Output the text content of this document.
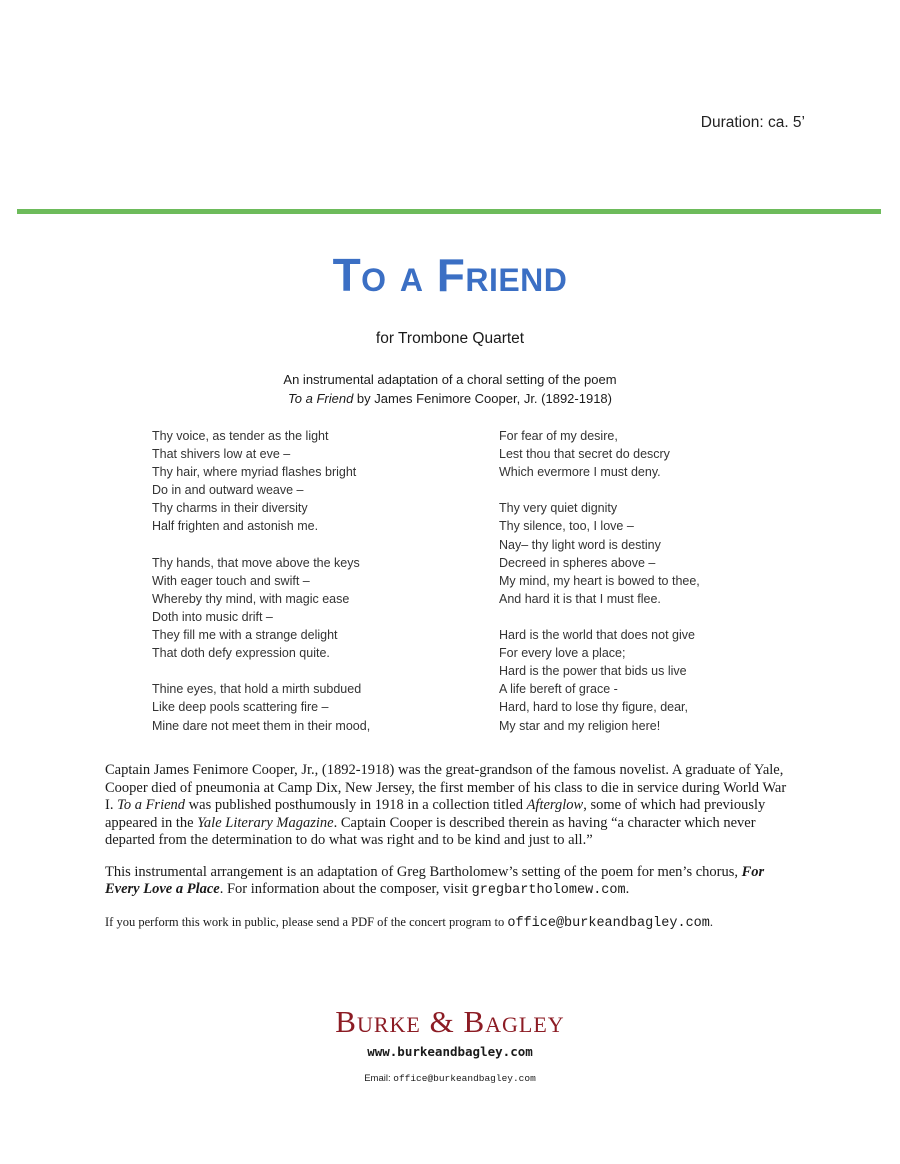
Duration: ca. 5’
To a Friend
for Trombone Quartet
An instrumental adaptation of a choral setting of the poem
To a Friend by James Fenimore Cooper, Jr. (1892-1918)
Thy voice, as tender as the light
That shivers low at eve –
Thy hair, where myriad flashes bright
Do in and outward weave –
Thy charms in their diversity
Half frighten and astonish me.
Thy hands, that move above the keys
With eager touch and swift –
Whereby thy mind, with magic ease
Doth into music drift –
They fill me with a strange delight
That doth defy expression quite.
Thine eyes, that hold a mirth subdued
Like deep pools scattering fire –
Mine dare not meet them in their mood,
For fear of my desire,
Lest thou that secret do descry
Which evermore I must deny.
Thy very quiet dignity
Thy silence, too, I love –
Nay– thy light word is destiny
Decreed in spheres above –
My mind, my heart is bowed to thee,
And hard it is that I must flee.
Hard is the world that does not give
For every love a place;
Hard is the power that bids us live
A life bereft of grace -
Hard, hard to lose thy figure, dear,
My star and my religion here!

Captain James Fenimore Cooper, Jr., (1892-1918) was the great-grandson of the famous novelist. A graduate of Yale, Cooper died of pneumonia at Camp Dix, New Jersey, the first member of his class to die in service during World War I. To a Friend was published posthumously in 1918 in a collection titled Afterglow, some of which had previously appeared in the Yale Literary Magazine. Captain Cooper is described therein as having “a character which never departed from the determination to do what was right and to be kind and just to all.”

This instrumental arrangement is an adaptation of Greg Bartholomew’s setting of the poem for men’s chorus, For Every Love a Place. For information about the composer, visit gregbartholomew.com.

If you perform this work in public, please send a PDF of the concert program to office@burkeandbagley.com.

Burke & Bagley
www.burkeandbagley.com
Email: office@burkeandbagley.com
